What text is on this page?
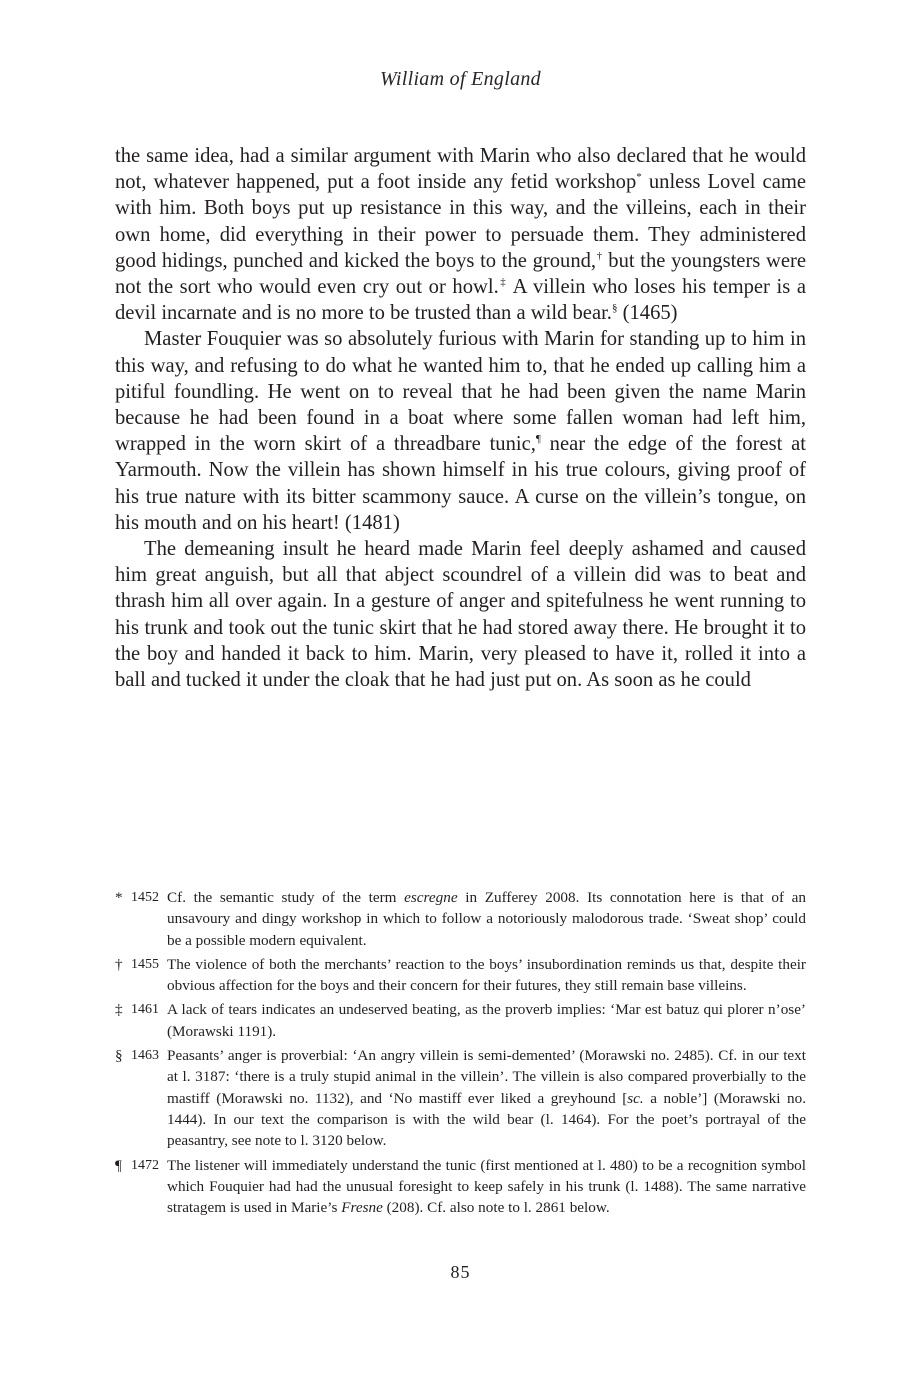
William of England

the same idea, had a similar argument with Marin who also declared that he would not, whatever happened, put a foot inside any fetid workshop* unless Lovel came with him. Both boys put up resistance in this way, and the villeins, each in their own home, did everything in their power to persuade them. They administered good hidings, punched and kicked the boys to the ground,† but the youngsters were not the sort who would even cry out or howl.‡ A villein who loses his temper is a devil incarnate and is no more to be trusted than a wild bear.§ (1465)

Master Fouquier was so absolutely furious with Marin for standing up to him in this way, and refusing to do what he wanted him to, that he ended up calling him a pitiful foundling. He went on to reveal that he had been given the name Marin because he had been found in a boat where some fallen woman had left him, wrapped in the worn skirt of a threadbare tunic,¶ near the edge of the forest at Yarmouth. Now the villein has shown himself in his true colours, giving proof of his true nature with its bitter scammony sauce. A curse on the villein’s tongue, on his mouth and on his heart! (1481)

The demeaning insult he heard made Marin feel deeply ashamed and caused him great anguish, but all that abject scoundrel of a villein did was to beat and thrash him all over again. In a gesture of anger and spitefulness he went running to his trunk and took out the tunic skirt that he had stored away there. He brought it to the boy and handed it back to him. Marin, very pleased to have it, rolled it into a ball and tucked it under the cloak that he had just put on. As soon as he could

* 1452 Cf. the semantic study of the term escregne in Zufferey 2008. Its connotation here is that of an unsavoury and dingy workshop in which to follow a notoriously malodorous trade. ‘Sweat shop’ could be a possible modern equivalent.
† 1455 The violence of both the merchants’ reaction to the boys’ insubordination reminds us that, despite their obvious affection for the boys and their concern for their futures, they still remain base villeins.
‡ 1461 A lack of tears indicates an undeserved beating, as the proverb implies: ‘Mar est batuz qui plorer n’ose’ (Morawski 1191).
§ 1463 Peasants’ anger is proverbial: ‘An angry villein is semi-demented’ (Morawski no. 2485). Cf. in our text at l. 3187: ‘there is a truly stupid animal in the villein’. The villein is also compared proverbially to the mastiff (Morawski no. 1132), and ‘No mastiff ever liked a greyhound [sc. a noble’] (Morawski no. 1444). In our text the comparison is with the wild bear (l. 1464). For the poet’s portrayal of the peasantry, see note to l. 3120 below.
¶ 1472 The listener will immediately understand the tunic (first mentioned at l. 480) to be a recognition symbol which Fouquier had had the unusual foresight to keep safely in his trunk (l. 1488). The same narrative stratagem is used in Marie’s Fresne (208). Cf. also note to l. 2861 below.
85
